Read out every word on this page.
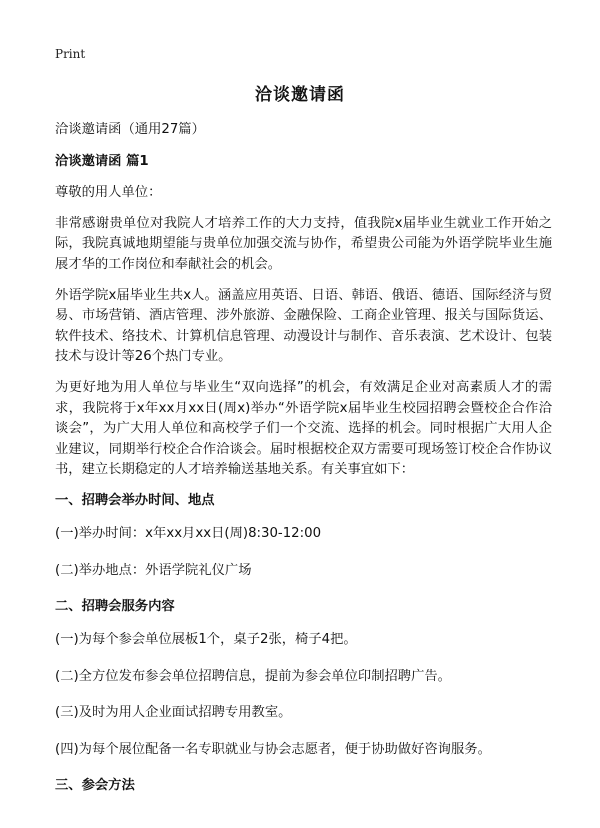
Print
洽谈邀请函

洽谈邀请函（通用27篇）

洽谈邀请函 篇1

尊敬的用人单位：

非常感谢贵单位对我院人才培养工作的大力支持，值我院x届毕业生就业工作开始之际，我院真诚地期望能与贵单位加强交流与协作，希望贵公司能为外语学院毕业生施展才华的工作岗位和奉献社会的机会。

外语学院x届毕业生共x人。涵盖应用英语、日语、韩语、俄语、德语、国际经济与贸易、市场营销、酒店管理、涉外旅游、金融保险、工商企业管理、报关与国际货运、软件技术、络技术、计算机信息管理、动漫设计与制作、音乐表演、艺术设计、包装技术与设计等26个热门专业。

为更好地为用人单位与毕业生“双向选择”的机会，有效满足企业对高素质人才的需求，我院将于x年xx月xx日(周x)举办“外语学院x届毕业生校园招聘会暨校企合作洽谈会”，为广大用人单位和高校学子们一个交流、选择的机会。同时根据广大用人企业建议，同期举行校企合作洽谈会。届时根据校企双方需要可现场签订校企合作协议书，建立长期稳定的人才培养输送基地关系。有关事宜如下：

一、招聘会举办时间、地点

(一)举办时间：x年xx月xx日(周)8:30-12:00

(二)举办地点：外语学院礼仪广场

二、招聘会服务内容

(一)为每个参会单位展板1个，桌子2张，椅子4把。

(二)全方位发布参会单位招聘信息，提前为参会单位印制招聘广告。

(三)及时为用人企业面试招聘专用教室。

(四)为每个展位配备一名专职就业与协会志愿者，便于协助做好咨询服务。

三、参会方法
